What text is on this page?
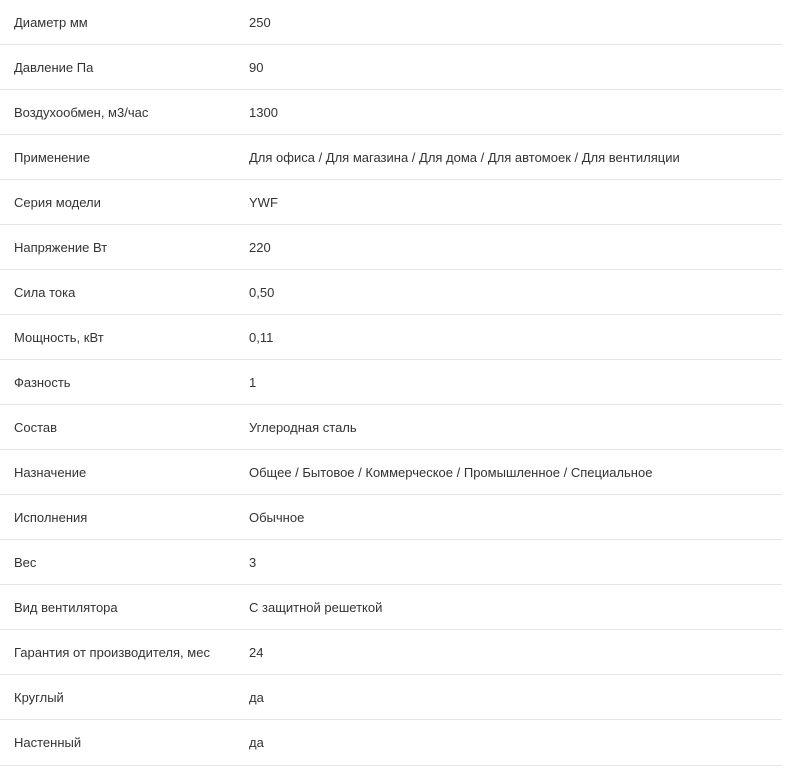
Диаметр мм	250
Давление Па	90
Воздухообмен, м3/час	1300
Применение	Для офиса / Для магазина / Для дома / Для автомоек / Для вентиляции
Серия модели	YWF
Напряжение Вт	220
Сила тока	0,50
Мощность, кВт	0,11
Фазность	1
Состав	Углеродная сталь
Назначение	Общее / Бытовое / Коммерческое / Промышленное / Специальное
Исполнения	Обычное
Вес	3
Вид вентилятора	С защитной решеткой
Гарантия от производителя, мес	24
Круглый	да
Настенный	да
